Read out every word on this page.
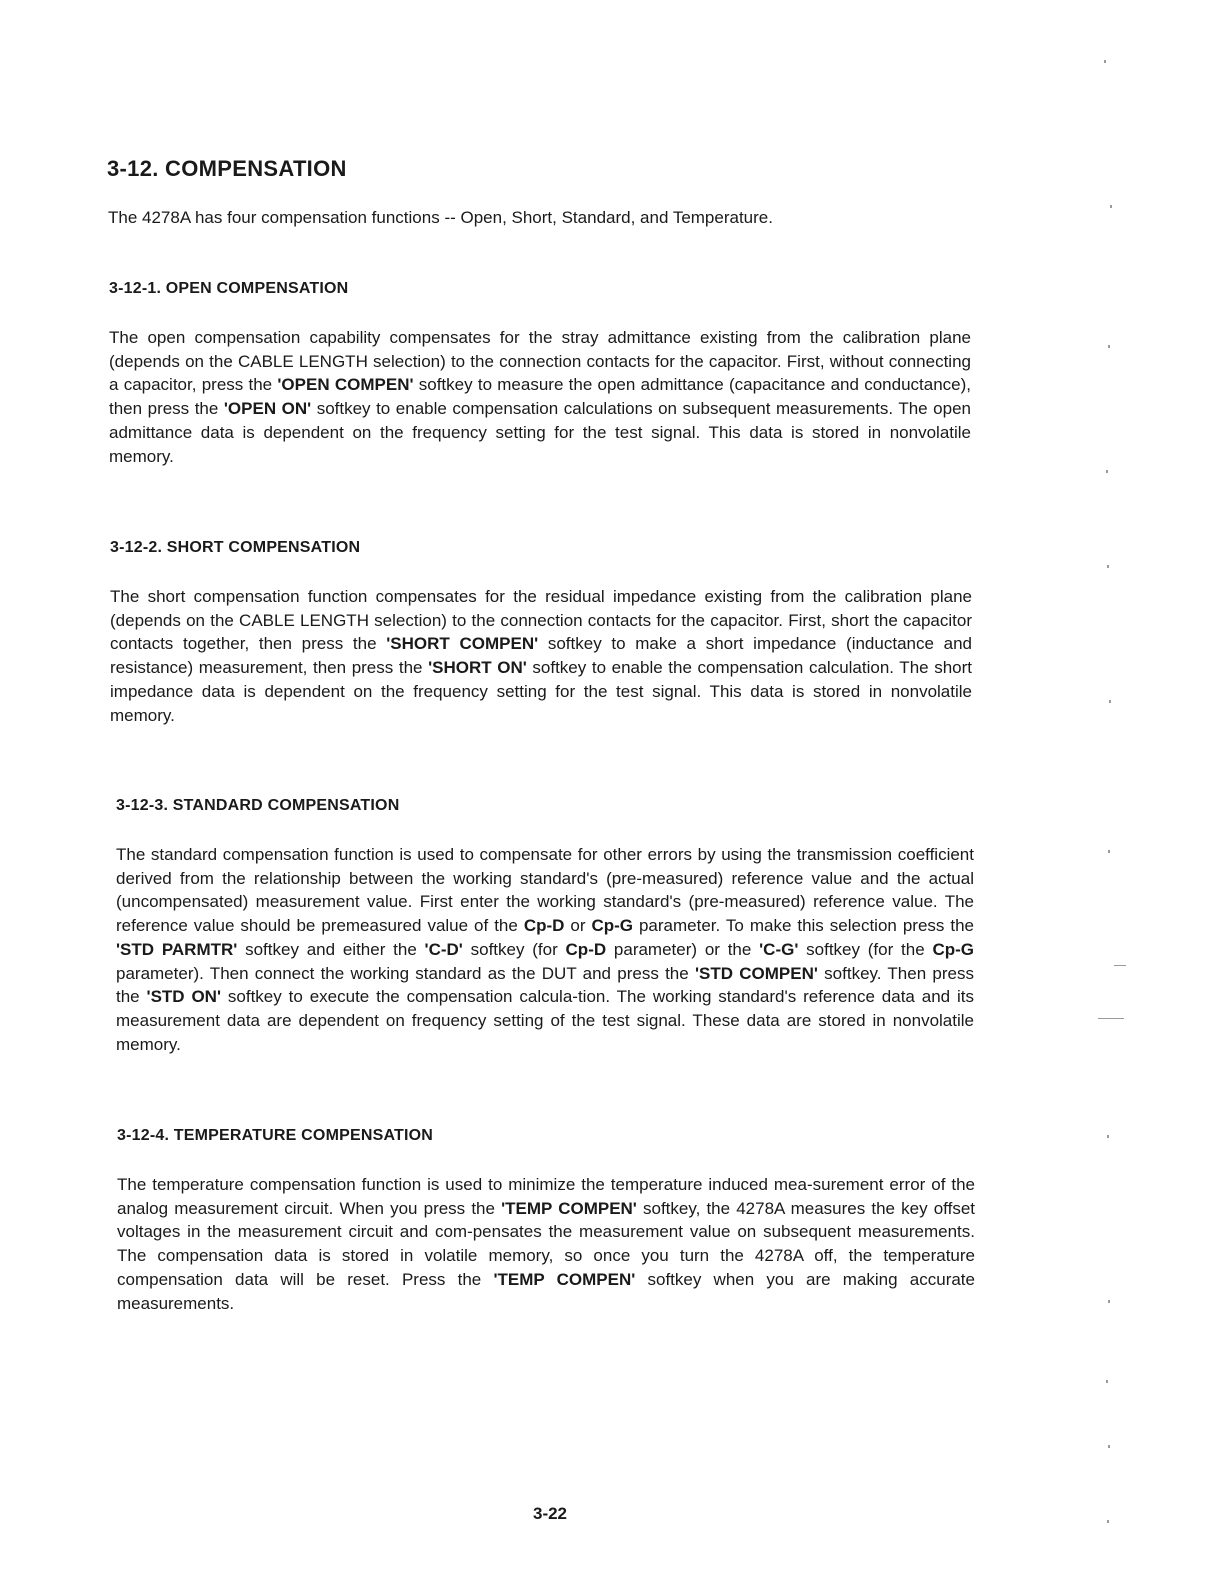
3-12. COMPENSATION

The 4278A has four compensation functions -- Open, Short, Standard, and Temperature.

3-12-1. OPEN COMPENSATION

The open compensation capability compensates for the stray admittance existing from the calibration plane (depends on the CABLE LENGTH selection) to the connection contacts for the capacitor. First, without connecting a capacitor, press the 'OPEN COMPEN' softkey to measure the open admittance (capacitance and conductance), then press the 'OPEN ON' softkey to enable compensation calculations on subsequent measurements. The open admittance data is dependent on the frequency setting for the test signal. This data is stored in nonvolatile memory.

3-12-2. SHORT COMPENSATION

The short compensation function compensates for the residual impedance existing from the calibration plane (depends on the CABLE LENGTH selection) to the connection contacts for the capacitor. First, short the capacitor contacts together, then press the 'SHORT COMPEN' softkey to make a short impedance (inductance and resistance) measurement, then press the 'SHORT ON' softkey to enable the compensation calculation. The short impedance data is dependent on the frequency setting for the test signal. This data is stored in nonvolatile memory.

3-12-3. STANDARD COMPENSATION

The standard compensation function is used to compensate for other errors by using the transmission coefficient derived from the relationship between the working standard's (pre-measured) reference value and the actual (uncompensated) measurement value. First enter the working standard's (pre-measured) reference value. The reference value should be premeasured value of the Cp-D or Cp-G parameter. To make this selection press the 'STD PARMTR' softkey and either the 'C-D' softkey (for Cp-D parameter) or the 'C-G' softkey (for the Cp-G parameter). Then connect the working standard as the DUT and press the 'STD COMPEN' softkey. Then press the 'STD ON' softkey to execute the compensation calcula-tion. The working standard's reference data and its measurement data are dependent on frequency setting of the test signal. These data are stored in nonvolatile memory.

3-12-4. TEMPERATURE COMPENSATION

The temperature compensation function is used to minimize the temperature induced mea-surement error of the analog measurement circuit. When you press the 'TEMP COMPEN' softkey, the 4278A measures the key offset voltages in the measurement circuit and com-pensates the measurement value on subsequent measurements. The compensation data is stored in volatile memory, so once you turn the 4278A off, the temperature compensation data will be reset. Press the 'TEMP COMPEN' softkey when you are making accurate measurements.

3-22
